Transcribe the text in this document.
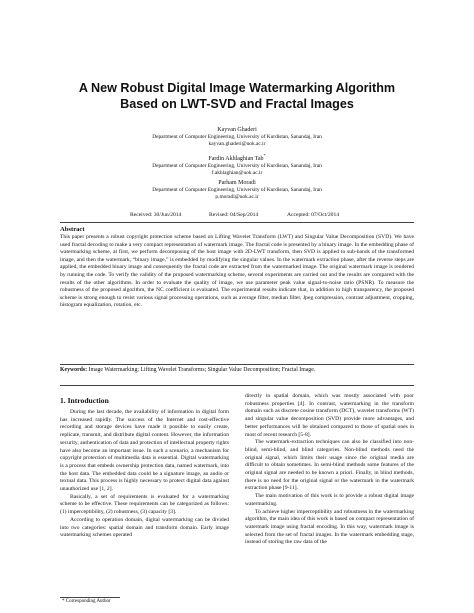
A New Robust Digital Image Watermarking Algorithm
Based on LWT-SVD and Fractal Images
Kayvan Ghaderi
Department of Computer Engineering, University of Kurdistan, Sanandaj, Iran
kayvan.ghaderi@uok.ac.ir
Fardin Akhlaghian Tab*
Department of Computer Engineering, University of Kurdistan, Sanandaj, Iran
f.akhlaghian@uok.ac.ir
Parham Moradi
Department of Computer Engineering, University of Kurdistan, Sanandaj, Iran
p.moradi@uok.ac.ir
Received: 30/Jun/2014	Revised: 04/Sep/2014	Accepted: 07/Oct/2014
Abstract

This paper presents a robust copyright protection scheme based on Lifting Wavelet Transform (LWT) and Singular Value Decomposition (SVD). We have used fractal decoding to make a very compact representation of watermark image. The fractal code is presented by a binary image. In the embedding phase of watermarking scheme, at first, we perform decomposing of the host image with 2D-LWT transform, then SVD is applied to sub-bands of the transformed image, and then the watermark, “binary image,” is embedded by modifying the singular values. In the watermark extraction phase, after the reverse steps are applied, the embedded binary image and consequently the fractal code are extracted from the watermarked image. The original watermark image is rendered by running the code. To verify the validity of the proposed watermarking scheme, several experiments are carried out and the results are compared with the results of the other algorithms. In order to evaluate the quality of image, we use parameter peak value signal-to-noise ratio (PSNR). To measure the robustness of the proposed algorithm, the NC coefficient is evaluated. The experimental results indicate that, in addition to high transparency, the proposed scheme is strong enough to resist various signal processing operations, such as average filter, median filter, Jpeg compression, contrast adjustment, cropping, histogram equalization, rotation, etc.

Keywords: Image Watermarking; Lifting Wavelet Transforms; Singular Value Decomposition; Fractal Image.

1. Introduction

During the last decade, the availability of information in digital form has increased rapidly. The success of the Internet and cost-effective recording and storage devices have made it possible to easily create, replicate, transmit, and distribute digital content. However, the information security, authentication of data and protection of intellectual property rights have also become an important issue. In such a scenario, a mechanism for copyright protection of multimedia data is essential. Digital watermarking is a process that embeds ownership protection data, named watermark, into the host data. The embedded data could be a signature image, an audio or textual data. This process is highly necessary to protect digital data against unauthorized use [1, 2].

Basically, a set of requirements is evaluated for a watermarking scheme to be effective. These requirements can be categorized as follows: (1) imperceptibility, (2) robustness, (3) capacity [3].

According to operation domain, digital watermarking can be divided into two categories: spatial domain and transform domain. Early image watermarking schemes operated

directly in spatial domain, which was mostly associated with poor robustness properties [4]. In contrast, watermarking in the transform domain such as discrete cosine transform (DCT), wavelet transforms (WT) and singular value decomposition (SVD) provide more advantages, and better performances will be obtained compared to those of spatial ones in most of recent research [5-8].

The watermark-extraction techniques can also be classified into non-blind, semi-blind, and blind categories. Non-blind methods need the original signal, which limits their usage since the original media are difficult to obtain sometimes. In semi-blind methods some features of the original signal are needed to be known a priori. Finally, in blind methods, there is no need for the original signal or the watermark in the watermark extraction phase [9-11].

The main motivation of this work is to provide a robust digital image watermarking.

To achieve higher imperceptibility and robustness in the watermarking algorithm, the main idea of this work is based on compact representation of watermark image using fractal encoding. In this way, watermark image is selected from the set of fractal images. In the watermark embedding stage, instead of storing the raw data of the

* Corresponding Author
